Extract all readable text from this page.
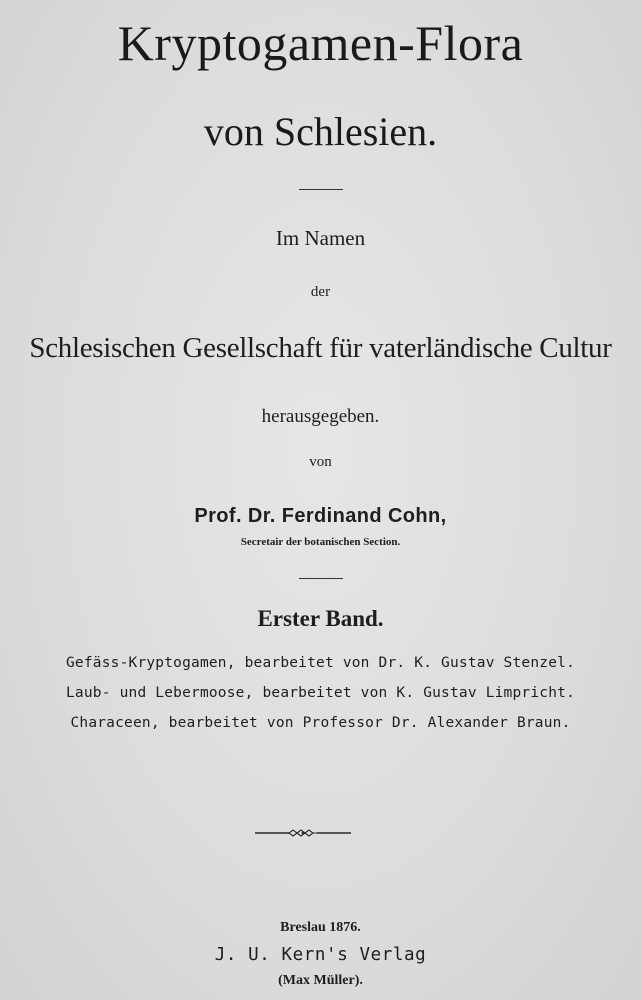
Kryptogamen-Flora
von Schlesien.
Im Namen
der
Schlesischen Gesellschaft für vaterländische Cultur
herausgegeben.
von
Prof. Dr. Ferdinand Cohn,
Secretair der botanischen Section.
Erster Band.
Gefäss-Kryptogamen, bearbeitet von Dr. K. Gustav Stenzel.
Laub- und Lebermoose, bearbeitet von K. Gustav Limpricht.
Characeen, bearbeitet von Professor Dr. Alexander Braun.
Breslau 1876.
J. U. Kern's Verlag
(Max Müller).
